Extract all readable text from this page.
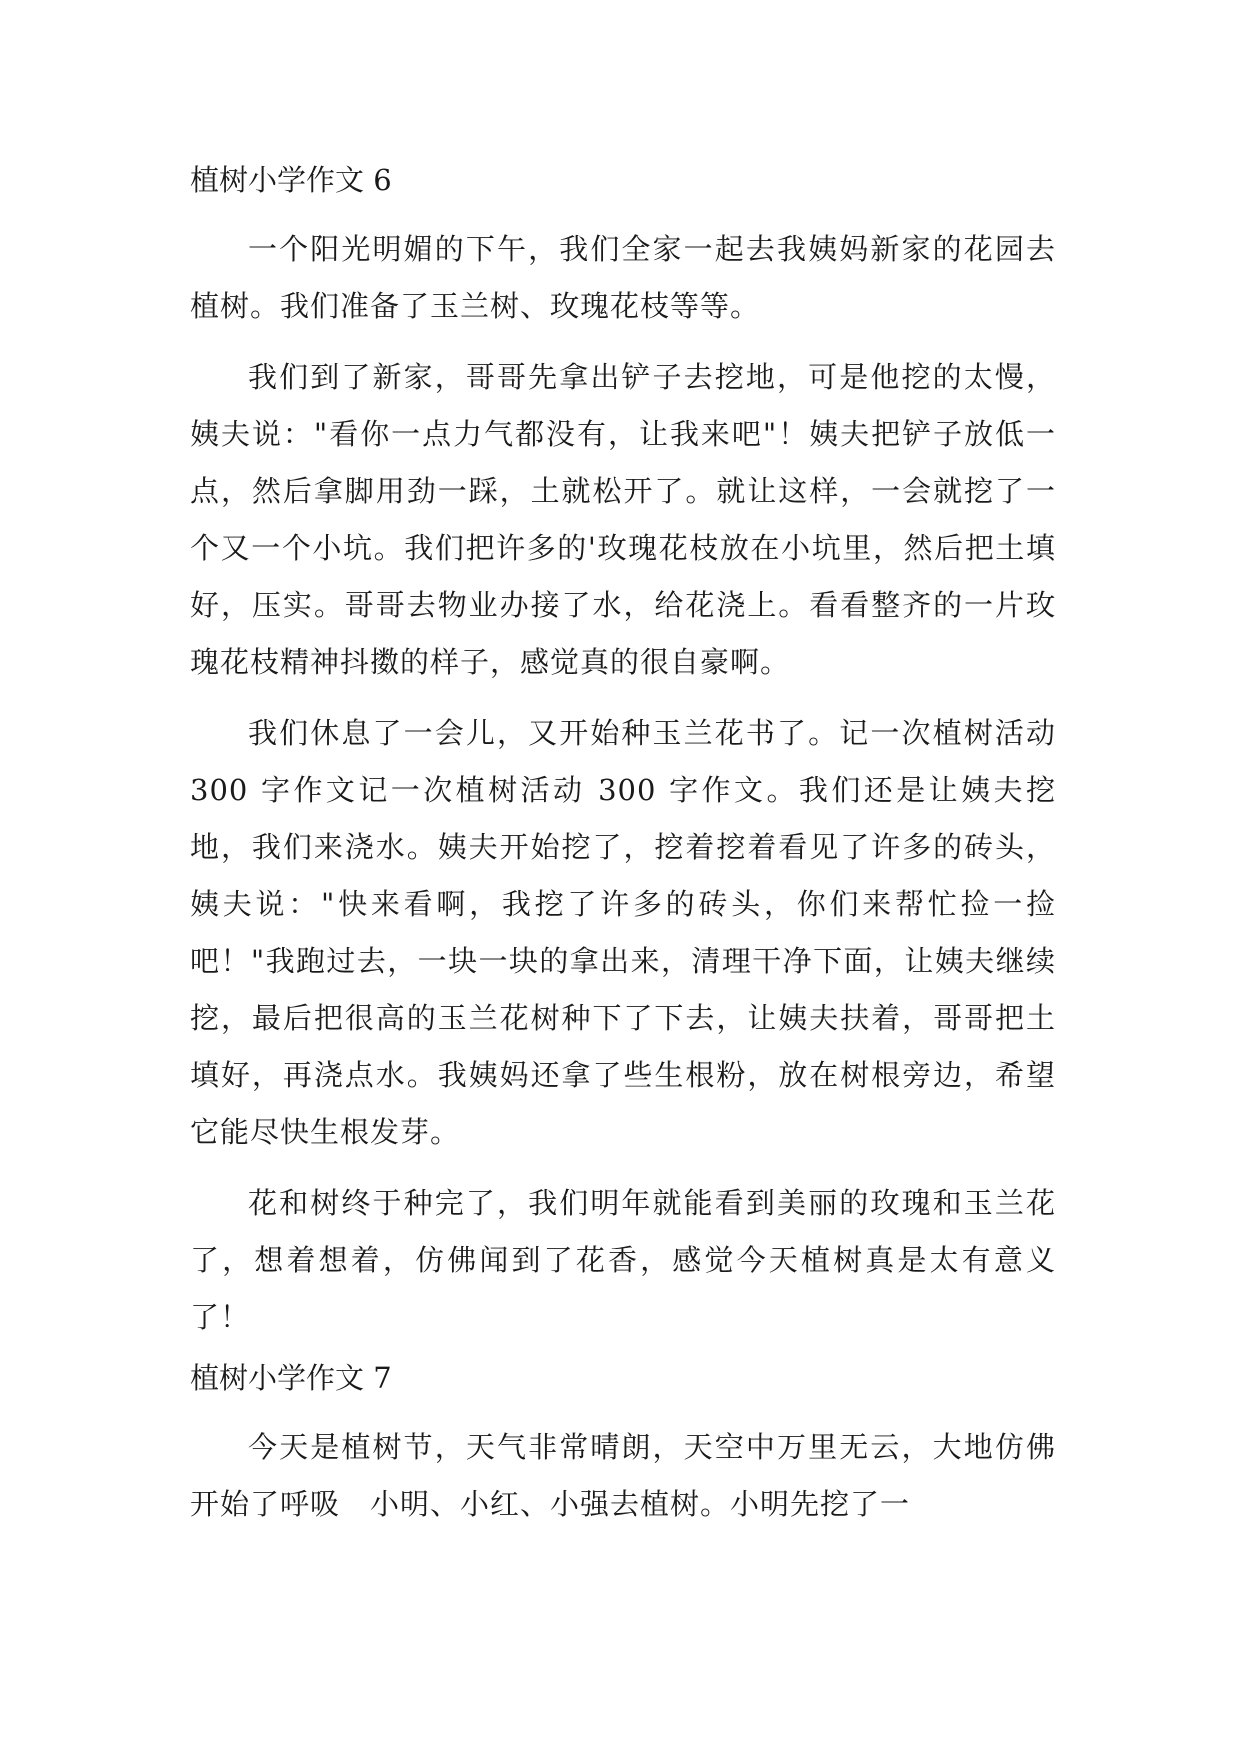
植树小学作文 6

一个阳光明媚的下午，我们全家一起去我姨妈新家的花园去植树。我们准备了玉兰树、玫瑰花枝等等。

我们到了新家，哥哥先拿出铲子去挖地，可是他挖的太慢，姨夫说："看你一点力气都没有，让我来吧"！姨夫把铲子放低一点，然后拿脚用劲一踩，土就松开了。就让这样，一会就挖了一个又一个小坑。我们把许多的'玫瑰花枝放在小坑里，然后把土填好，压实。哥哥去物业办接了水，给花浇上。看看整齐的一片玫瑰花枝精神抖擞的样子，感觉真的很自豪啊。

我们休息了一会儿，又开始种玉兰花书了。记一次植树活动 300 字作文记一次植树活动 300 字作文。我们还是让姨夫挖地，我们来浇水。姨夫开始挖了，挖着挖着看见了许多的砖头，姨夫说："快来看啊，我挖了许多的砖头，你们来帮忙捡一捡吧！"我跑过去，一块一块的拿出来，清理干净下面，让姨夫继续挖，最后把很高的玉兰花树种下了下去，让姨夫扶着，哥哥把土填好，再浇点水。我姨妈还拿了些生根粉，放在树根旁边，希望它能尽快生根发芽。

花和树终于种完了，我们明年就能看到美丽的玫瑰和玉兰花了，想着想着，仿佛闻到了花香，感觉今天植树真是太有意义了！

植树小学作文 7

今天是植树节，天气非常晴朗，天空中万里无云，大地仿佛开始了呼吸　小明、小红、小强去植树。小明先挖了一
